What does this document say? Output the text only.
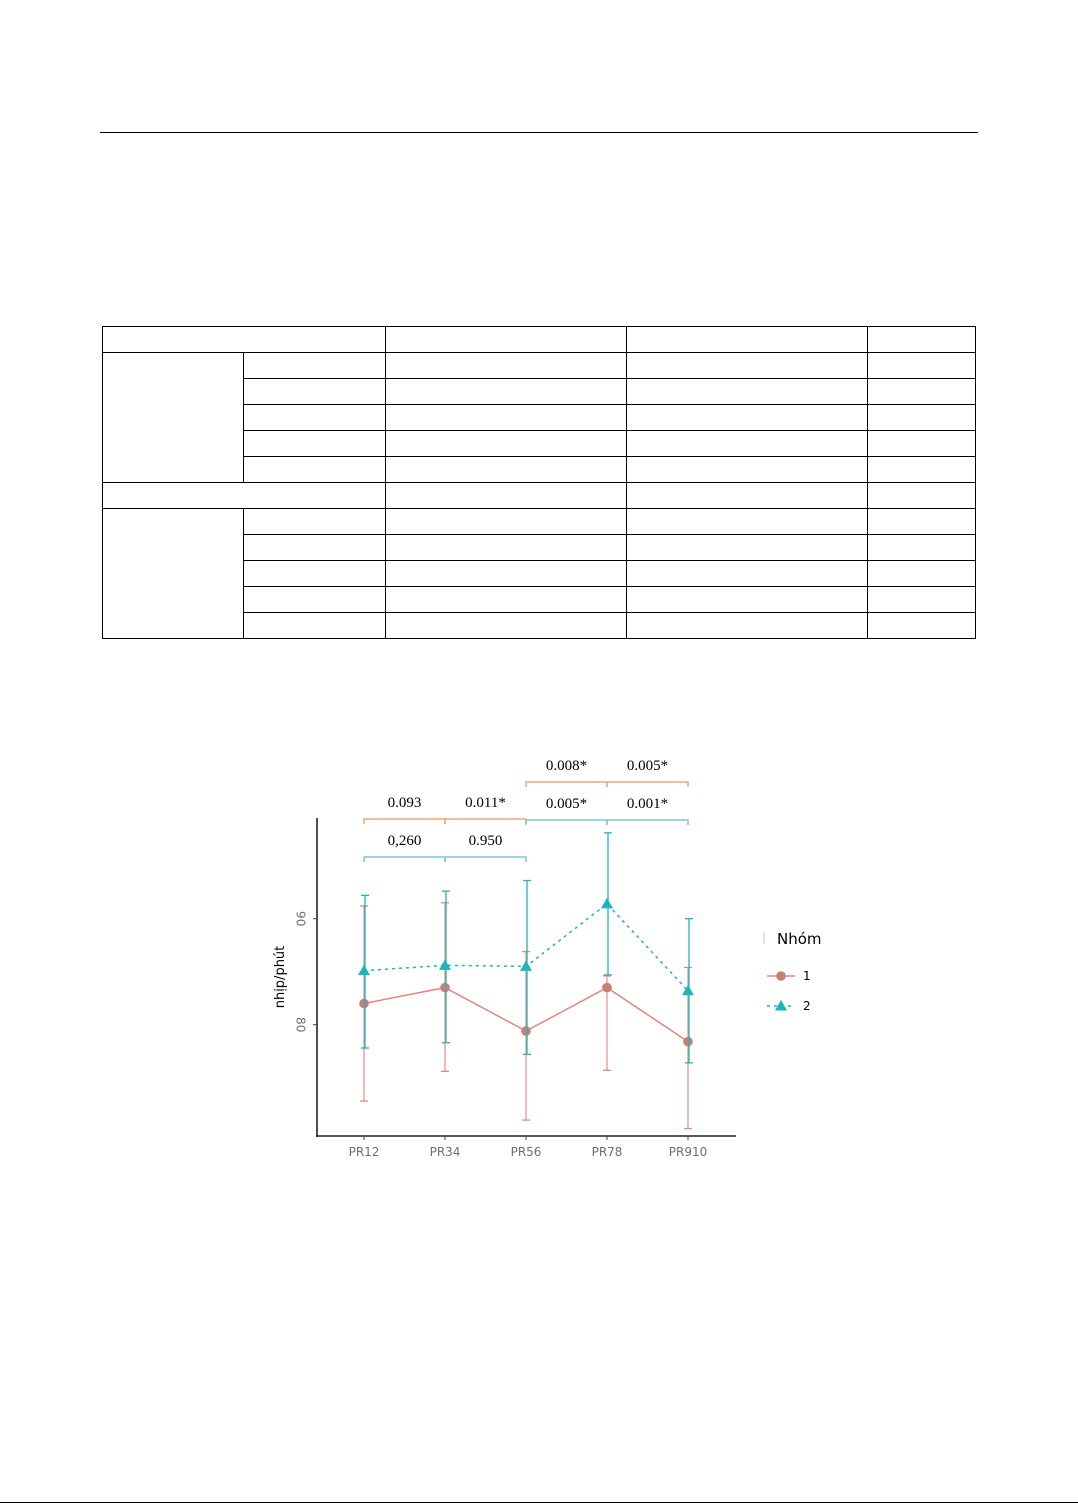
80
90
PR12	PR34	PR56	PR78	PR910
nhịp/phút
0.093	0.011*
0,260	0.950
0.008*	0.005*
0.005*	0.001*
Nhóm
1
2
